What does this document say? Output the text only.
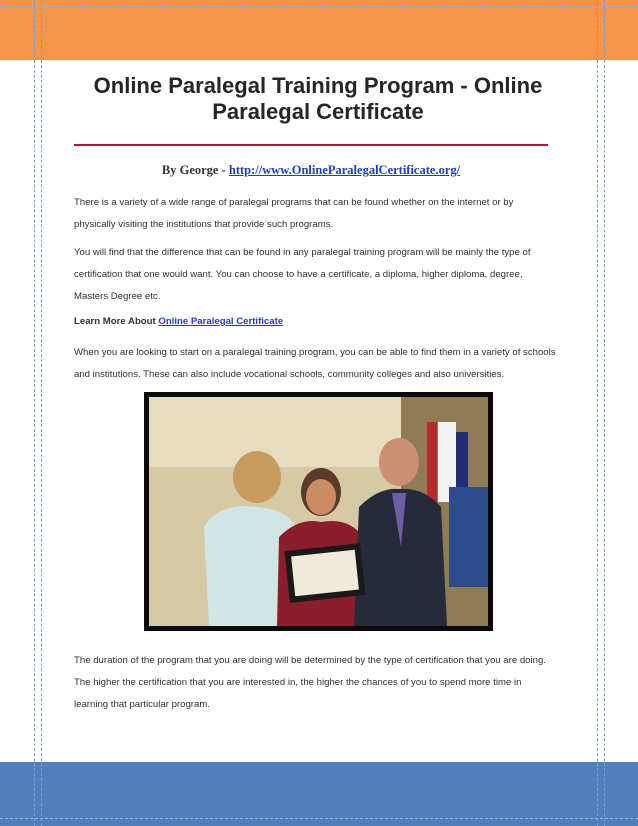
Online Paralegal Training Program - Online Paralegal Certificate
By George - http://www.OnlineParalegalCertificate.org/

There is a variety of a wide range of paralegal programs that can be found whether on the internet or by physically visiting the institutions that provide such programs.

You will find that the difference that can be found in any paralegal training program will be mainly the type of certification that one would want. You can choose to have a certificate, a diploma, higher diploma, degree, Masters Degree etc.

Learn More About Online Paralegal Certificate

When you are looking to start on a paralegal training program, you can be able to find them in a variety of schools and institutions. These can also include vocational schools, community colleges and also universities.

The duration of the program that you are doing will be determined by the type of certification that you are doing. The higher the certification that you are interested in, the higher the chances of you to spend more time in learning that particular program.
